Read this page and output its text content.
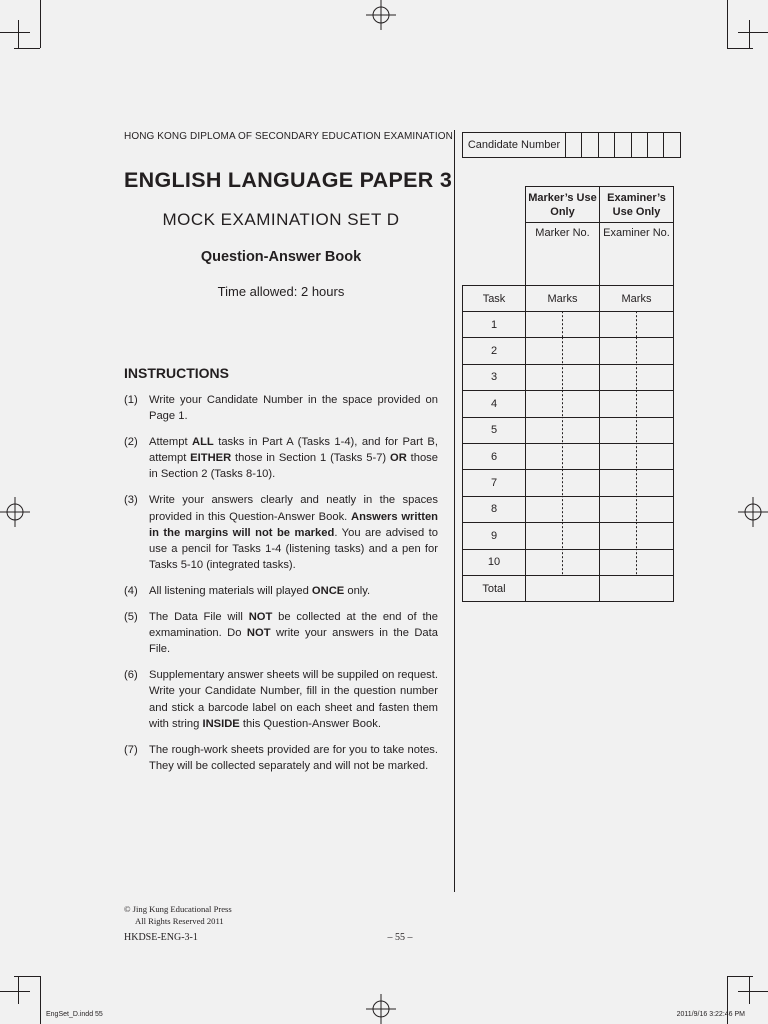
HONG KONG DIPLOMA OF SECONDARY EDUCATION EXAMINATION
ENGLISH LANGUAGE PAPER 3
MOCK EXAMINATION SET D
Question-Answer Book
Time allowed: 2 hours
INSTRUCTIONS
(1)	Write your Candidate Number in the space provided on Page 1.
(2)	Attempt ALL tasks in Part A (Tasks 1-4), and for Part B, attempt EITHER those in Section 1 (Tasks 5-7) OR those in Section 2 (Tasks 8-10).
(3)	Write your answers clearly and neatly in the spaces provided in this Question-Answer Book. Answers written in the margins will not be marked. You are advised to use a pencil for Tasks 1-4 (listening tasks) and a pen for Tasks 5-10 (integrated tasks).
(4)	All listening materials will played ONCE only.
(5)	The Data File will NOT be collected at the end of the exmamination. Do NOT write your answers in the Data File.
(6)	Supplementary answer sheets will be suppiled on request. Write your Candidate Number, fill in the question number and stick a barcode label on each sheet and fasten them with string INSIDE this Question-Answer Book.
(7)	The rough-work sheets provided are for you to take notes. They will be collected separately and will not be marked.
Candidate Number
	Marker’s Use Only	Examiner’s Use Only
	Marker No.	Examiner No.
Task	Marks	Marks
1		
2		
3		
4		
5		
6		
7		
8		
9		
10		
Total		
© Jing Kung Educational Press
All Rights Reserved 2011
HKDSE-ENG-3-1	– 55 –
EngSet_D.indd 55	2011/9/16 3:22:46 PM
